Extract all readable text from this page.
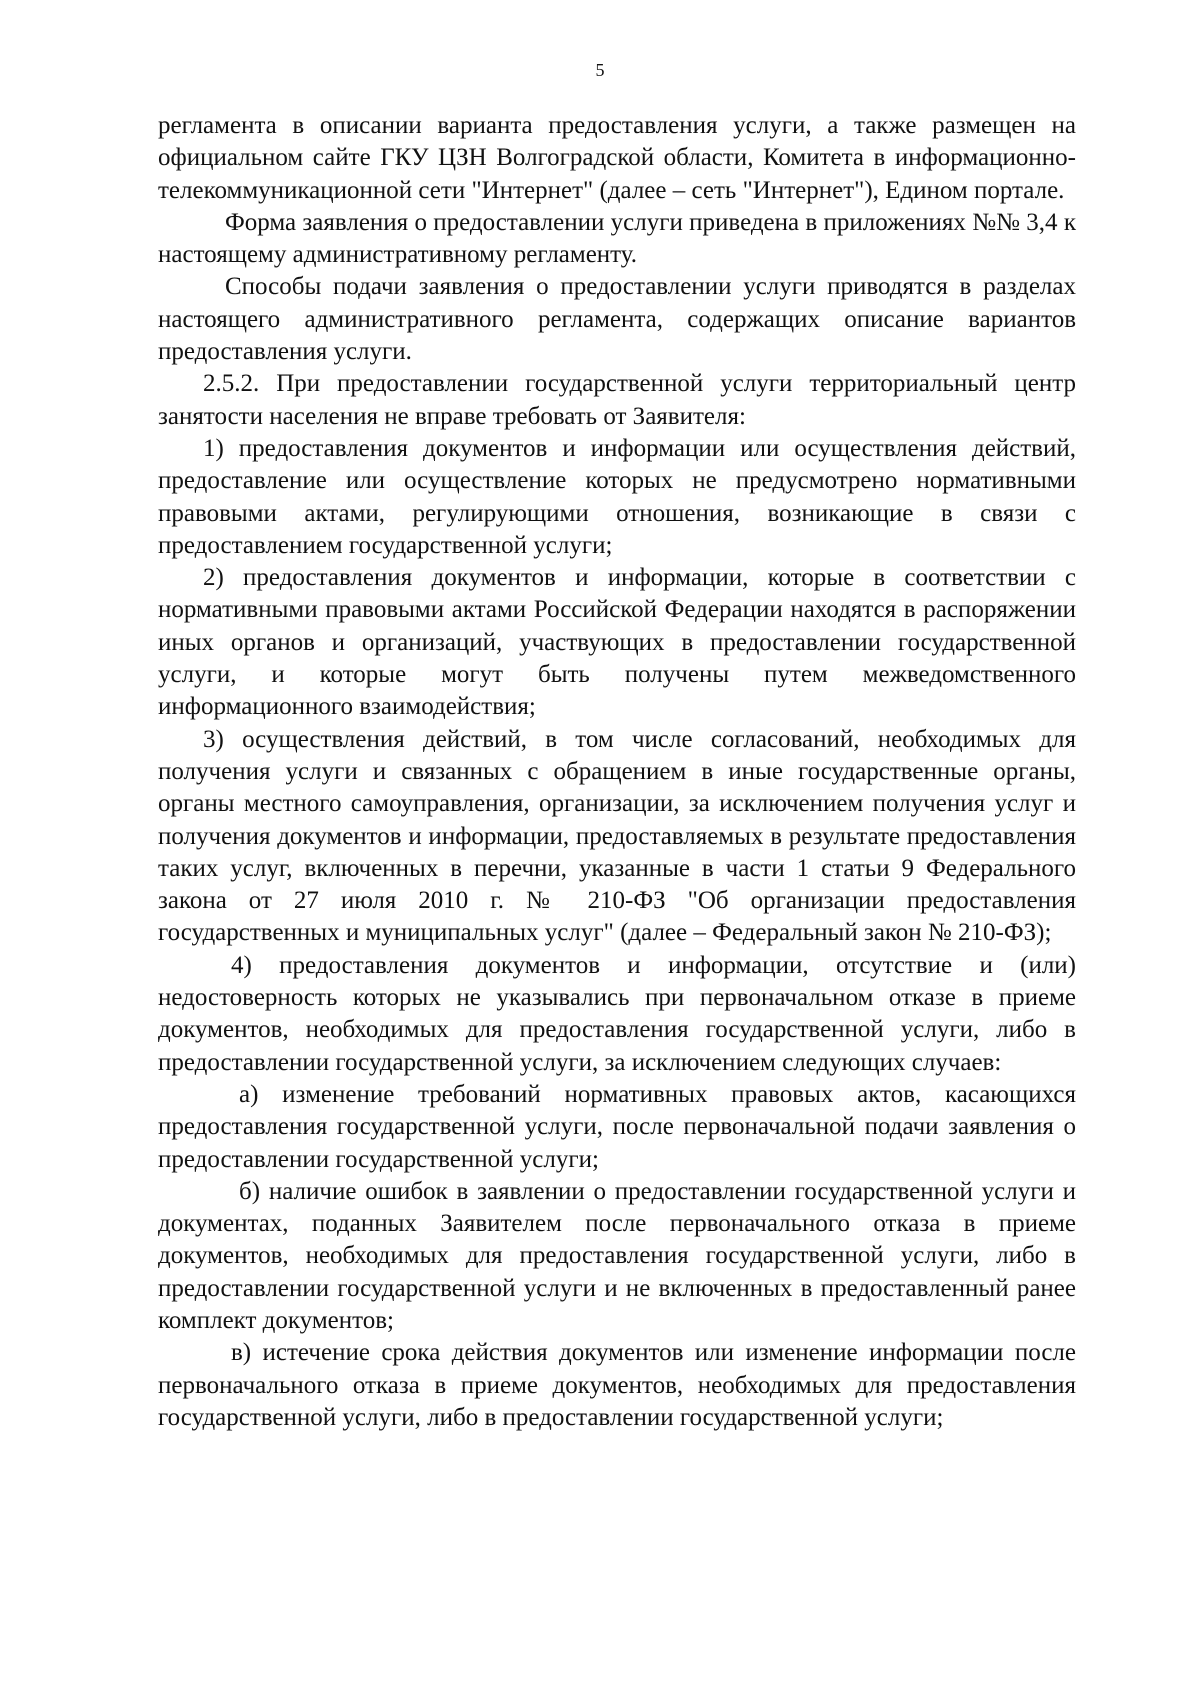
5

регламента в описании варианта предоставления услуги, а также размещен на официальном сайте ГКУ ЦЗН Волгоградской области, Комитета в информационно-телекоммуникационной сети "Интернет" (далее – сеть "Интернет"), Едином портале.

Форма заявления о предоставлении услуги приведена в приложениях №№ 3,4 к настоящему административному регламенту.

Способы подачи заявления о предоставлении услуги приводятся в разделах настоящего административного регламента, содержащих описание вариантов предоставления услуги.

2.5.2. При предоставлении государственной услуги территориальный центр занятости населения не вправе требовать от Заявителя:

1) предоставления документов и информации или осуществления действий, предоставление или осуществление которых не предусмотрено нормативными правовыми актами, регулирующими отношения, возникающие в связи с предоставлением государственной услуги;

2) предоставления документов и информации, которые в соответствии с нормативными правовыми актами Российской Федерации находятся в распоряжении иных органов и организаций, участвующих в предоставлении государственной услуги, и которые могут быть получены путем межведомственного информационного взаимодействия;

3) осуществления действий, в том числе согласований, необходимых для получения услуги и связанных с обращением в иные государственные органы, органы местного самоуправления, организации, за исключением получения услуг и получения документов и информации, предоставляемых в результате предоставления таких услуг, включенных в перечни, указанные в части 1 статьи 9 Федерального закона от 27 июля 2010 г. № 210-ФЗ "Об организации предоставления государственных и муниципальных услуг" (далее – Федеральный закон № 210-ФЗ);

4) предоставления документов и информации, отсутствие и (или) недостоверность которых не указывались при первоначальном отказе в приеме документов, необходимых для предоставления государственной услуги, либо в предоставлении государственной услуги, за исключением следующих случаев:

а) изменение требований нормативных правовых актов, касающихся предоставления государственной услуги, после первоначальной подачи заявления о предоставлении государственной услуги;

б) наличие ошибок в заявлении о предоставлении государственной услуги и документах, поданных Заявителем после первоначального отказа в приеме документов, необходимых для предоставления государственной услуги, либо в предоставлении государственной услуги и не включенных в предоставленный ранее комплект документов;

в) истечение срока действия документов или изменение информации после первоначального отказа в приеме документов, необходимых для предоставления государственной услуги, либо в предоставлении государственной услуги;
